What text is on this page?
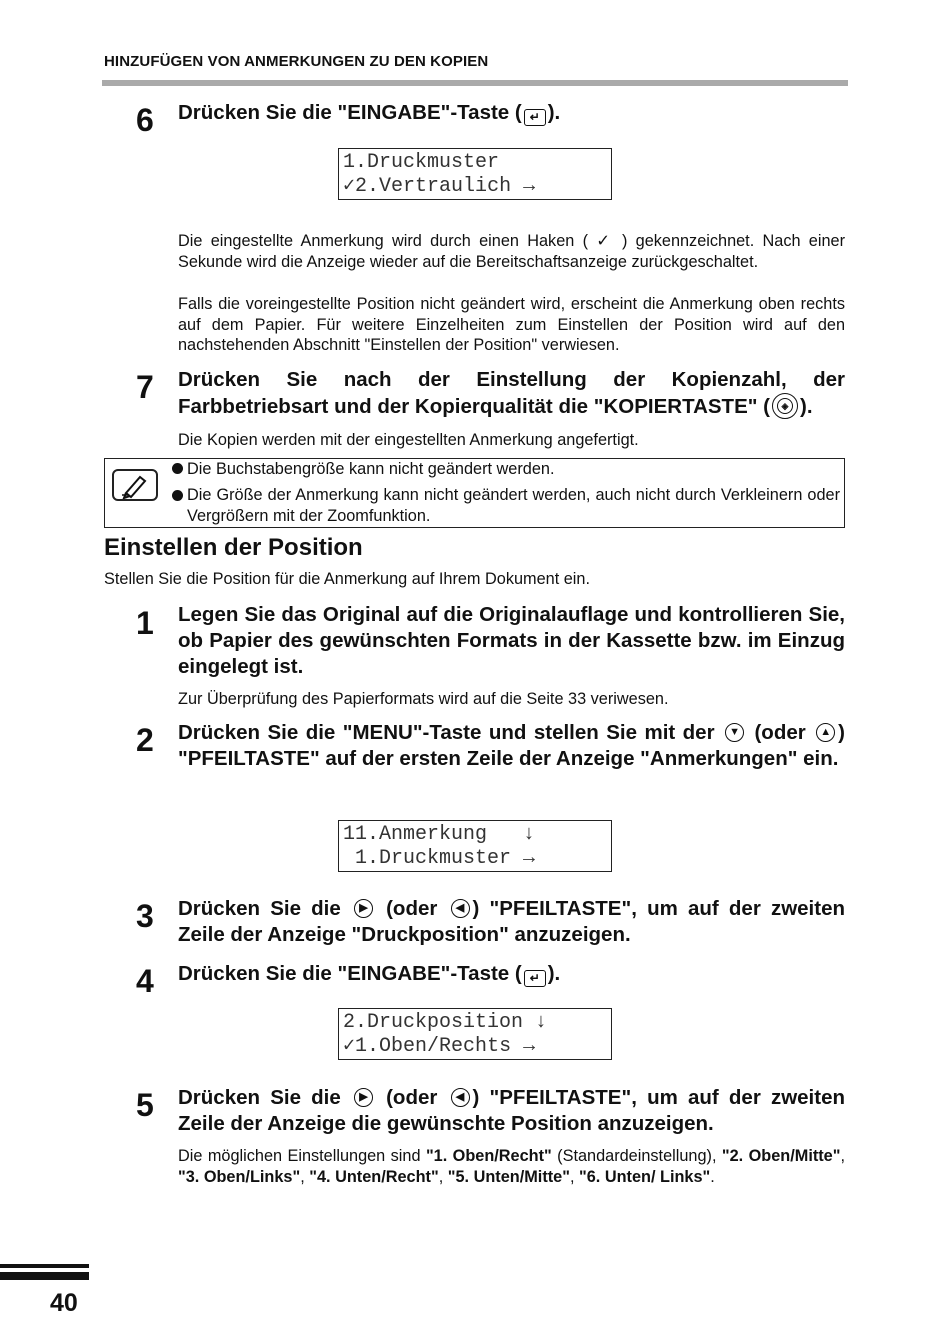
HINZUFÜGEN VON ANMERKUNGEN ZU DEN KOPIEN
6 Drücken Sie die "EINGABE"-Taste ( ↵ ).
1.Druckmuster
✓2.Vertraulich →
Die eingestellte Anmerkung wird durch einen Haken ( ✓ ) gekennzeichnet. Nach einer Sekunde wird die Anzeige wieder auf die Bereitschaftsanzeige zurückgeschaltet.
Falls die voreingestellte Position nicht geändert wird, erscheint die Anmerkung oben rechts auf dem Papier. Für weitere Einzelheiten zum Einstellen der Position wird auf den nachstehenden Abschnitt "Einstellen der Position" verwiesen.
7 Drücken Sie nach der Einstellung der Kopienzahl, der Farbbetriebsart und der Kopierqualität die "KOPIERTASTE" (	◈ ).
Die Kopien werden mit der eingestellten Anmerkung angefertigt.
Die Buchstabengröße kann nicht geändert werden.
Die Größe der Anmerkung kann nicht geändert werden, auch nicht durch Verkleinern oder Vergrößern mit der Zoomfunktion.
Einstellen der Position
Stellen Sie die Position für die Anmerkung auf Ihrem Dokument ein.
1 Legen Sie das Original auf die Originalauflage und kontrollieren Sie, ob Papier des gewünschten Formats in der Kassette bzw. im Einzug eingelegt ist.
Zur Überprüfung des Papierformats wird auf die Seite 33 veriwesen.
2 Drücken Sie die "MENU"-Taste und stellen Sie mit der ▼ (oder ▲ ) "PFEILTASTE" auf der ersten Zeile der Anzeige "Anmerkungen" ein.
11.Anmerkung   ↓
1.Druckmuster →
3 Drücken Sie die	▶ (oder	◀ ) "PFEILTASTE", um auf der zweiten Zeile der Anzeige "Druckposition" anzuzeigen.
4 Drücken Sie die "EINGABE"-Taste ( ↵ ).
2.Druckposition ↓
✓1.Oben/Rechts →
5 Drücken Sie die	▶ (oder	◀ ) "PFEILTASTE", um auf der zweiten Zeile der Anzeige die gewünschte Position anzuzeigen.
Die möglichen Einstellungen sind "1. Oben/Recht" (Standardeinstellung), "2. Oben/Mitte", "3. Oben/Links", "4. Unten/Recht", "5. Unten/Mitte", "6. Unten/ Links".
40
